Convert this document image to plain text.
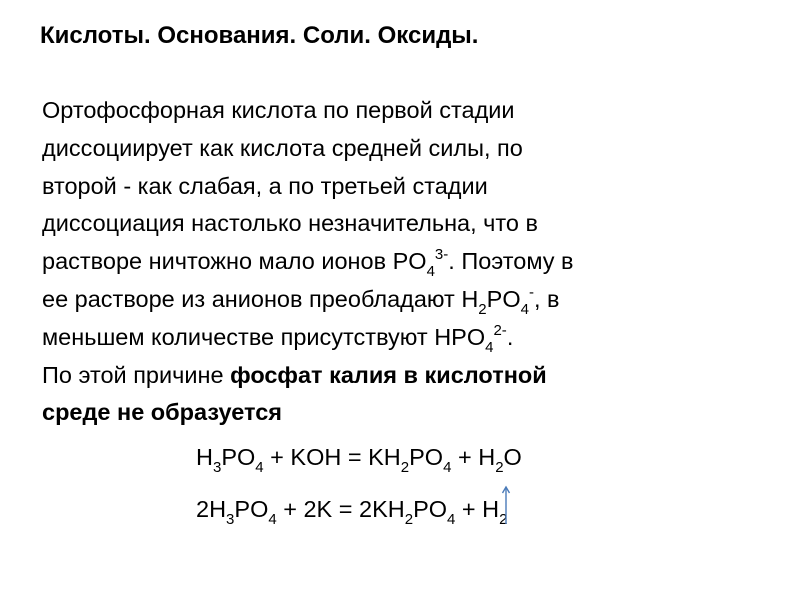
Кислоты. Основания. Соли. Оксиды.
Ортофосфорная кислота по первой стадии
диссоциирует как кислота средней силы, по
второй - как слабая, а по третьей стадии
диссоциация настолько незначительна, что в
растворе ничтожно мало ионов $PO_4^{3-}$. Поэтому в
ее растворе из анионов преобладают $H_2PO_4^-$, в
меньшем количестве присутствуют $HPO_4^{2-}$.
По этой причине фосфат калия в кислотной
среде не образуется
$H_3PO_4$ + KOH = $KH_2PO_4 + H_2O$
$2H_3PO_4 + 2K = 2KH_2PO_4 + H_2$
